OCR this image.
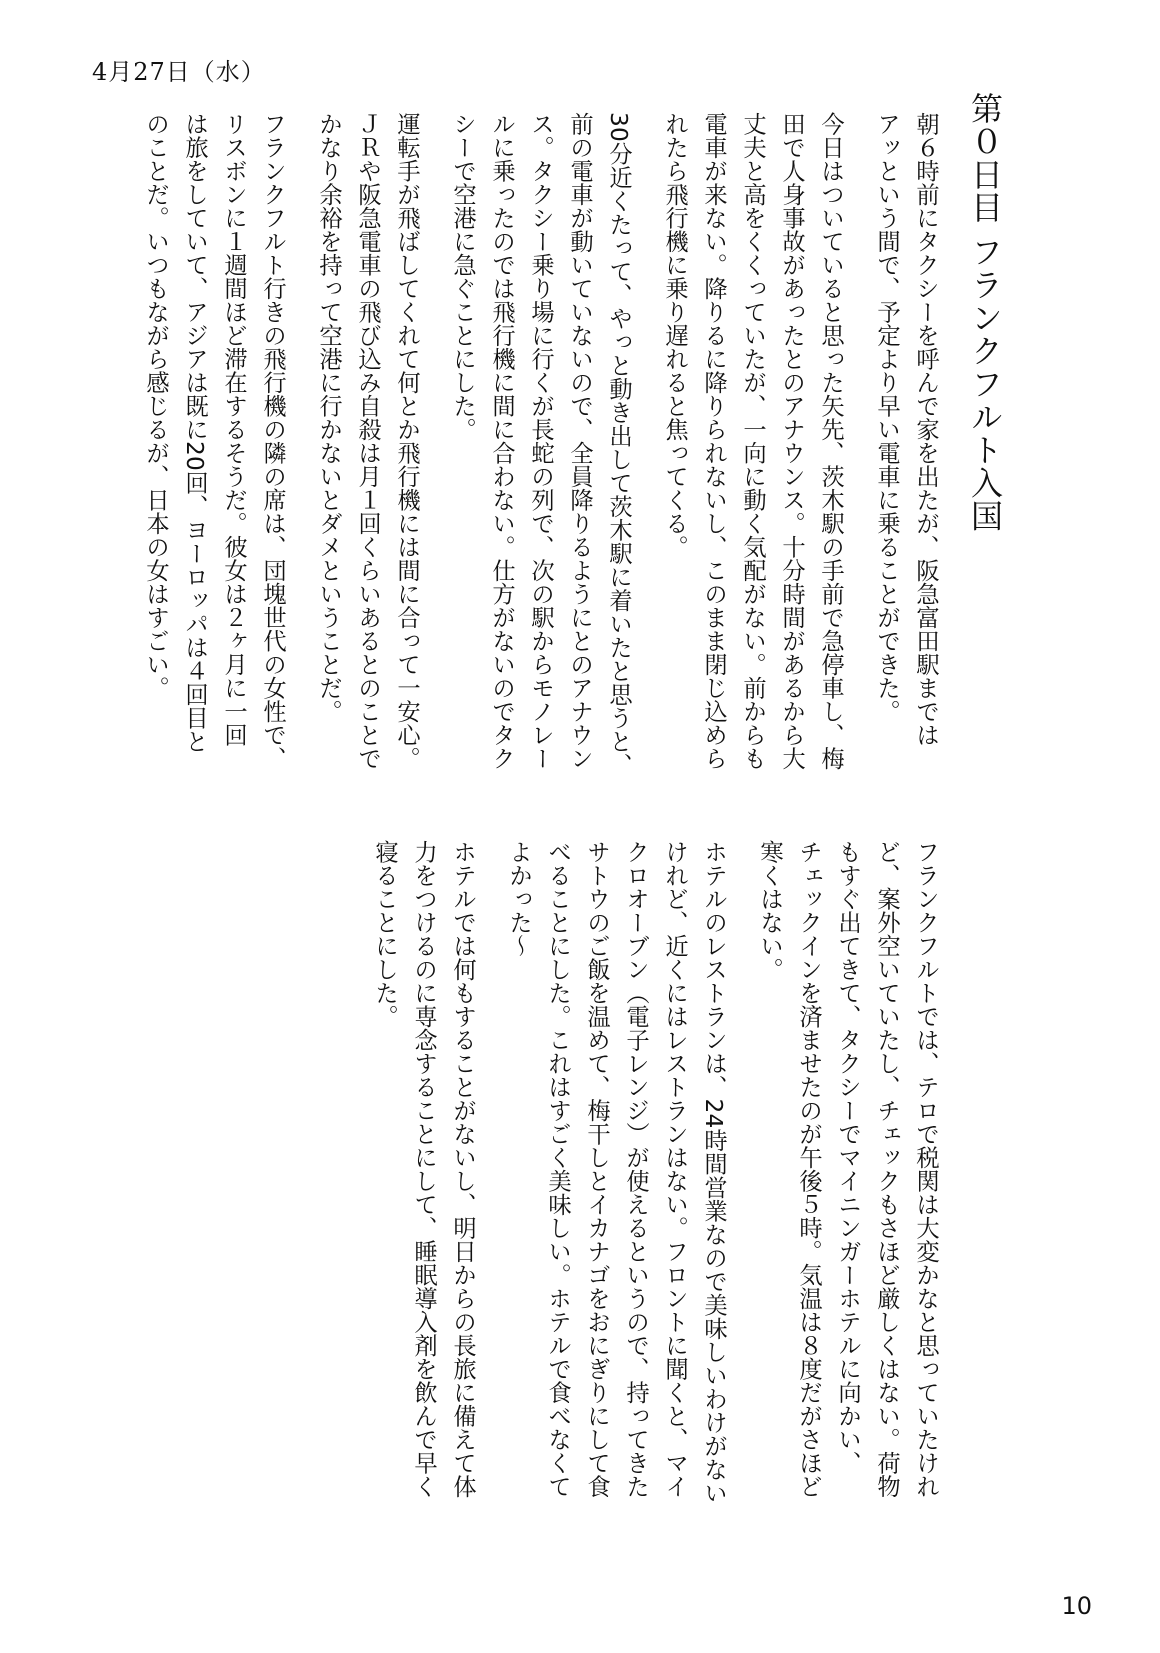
4月27日（水）
第０日目 フランクフルト入国

朝６時前にタクシーを呼んで家を出たが、阪急富田駅までは
アッという間で、予定より早い電車に乗ることができた。

今日はついていると思った矢先、茨木駅の手前で急停車し、梅
田で人身事故があったとのアナウンス。十分時間があるから大
丈夫と高をくくっていたが、一向に動く気配がない。前からも
電車が来ない。降りるに降りられないし、このまま閉じ込めら
れたら飛行機に乗り遅れると焦ってくる。

30分近くたって、やっと動き出して茨木駅に着いたと思うと、
前の電車が動いていないので、全員降りるようにとのアナウン
ス。タクシー乗り場に行くが長蛇の列で、次の駅からモノレー
ルに乗ったのでは飛行機に間に合わない。仕方がないのでタク
シーで空港に急ぐことにした。

運転手が飛ばしてくれて何とか飛行機には間に合って一安心。
ＪＲや阪急電車の飛び込み自殺は月１回くらいあるとのことで
かなり余裕を持って空港に行かないとダメということだ。

フランクフルト行きの飛行機の隣の席は、団塊世代の女性で、
リスボンに１週間ほど滞在するそうだ。彼女は２ヶ月に一回
は旅をしていて、アジアは既に20回、ヨーロッパは４回目と
のことだ。いつもながら感じるが、日本の女はすごい。

フランクフルトでは、テロで税関は大変かなと思っていたけれ
ど、案外空いていたし、チェックもさほど厳しくはない。荷物
もすぐ出てきて、タクシーでマイニンガーホテルに向かい、
チェックインを済ませたのが午後５時。気温は８度だがさほど
寒くはない。

ホテルのレストランは、24時間営業なので美味しいわけがない
けれど、近くにはレストランはない。フロントに聞くと、マイ
クロオーブン（電子レンジ）が使えるというので、持ってきた
サトウのご飯を温めて、梅干しとイカナゴをおにぎりにして食
べることにした。これはすごく美味しい。ホテルで食べなくて
よかった～

ホテルでは何もすることがないし、明日からの長旅に備えて体
力をつけるのに専念することにして、睡眠導入剤を飲んで早く
寝ることにした。

10
